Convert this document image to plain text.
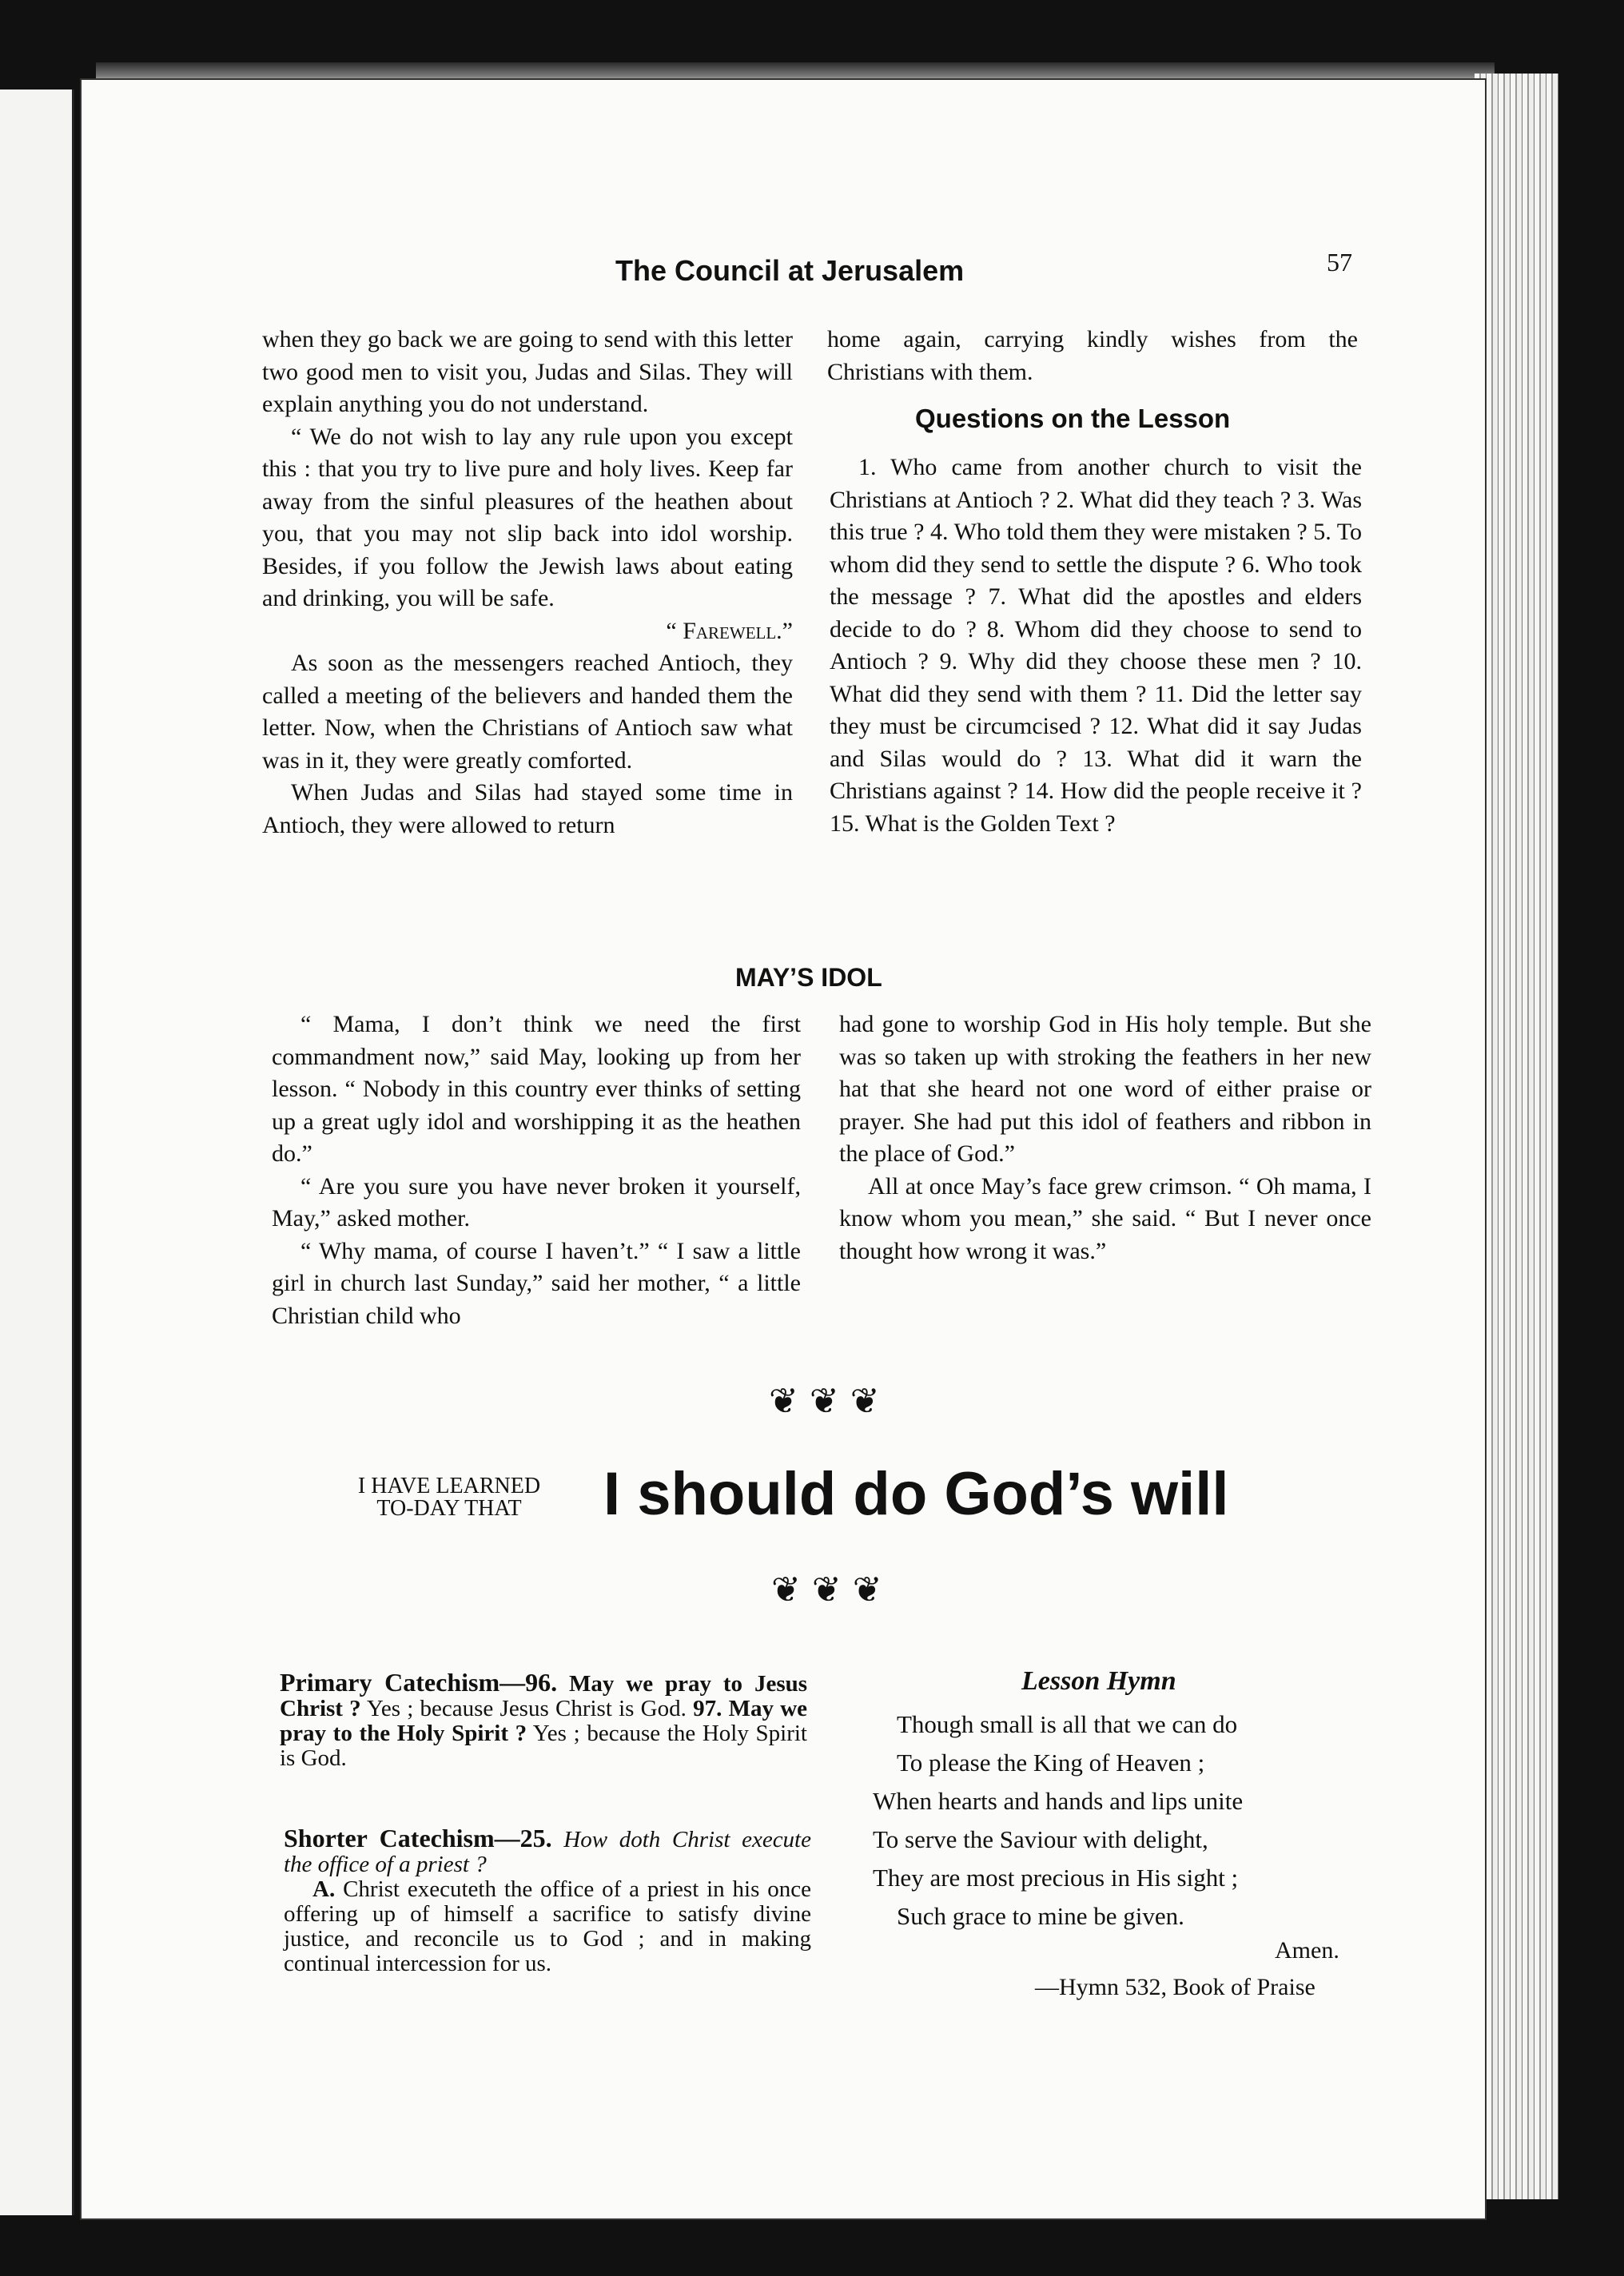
The Council at Jerusalem	57

when they go back we are going to send with this letter two good men to visit you, Judas and Silas. They will explain anything you do not understand.

“ We do not wish to lay any rule upon you except this : that you try to live pure and holy lives. Keep far away from the sinful pleasures of the heathen about you, that you may not slip back into idol worship. Besides, if you follow the Jewish laws about eating and drinking, you will be safe.

“ Farewell.”

As soon as the messengers reached Antioch, they called a meeting of the believers and handed them the letter. Now, when the Christians of Antioch saw what was in it, they were greatly comforted.

When Judas and Silas had stayed some time in Antioch, they were allowed to return

home again, carrying kindly wishes from the Christians with them.

Questions on the Lesson

1. Who came from another church to visit the Christians at Antioch ? 2. What did they teach ? 3. Was this true ? 4. Who told them they were mistaken ? 5. To whom did they send to settle the dispute ? 6. Who took the message ? 7. What did the apostles and elders decide to do ? 8. Whom did they choose to send to Antioch ? 9. Why did they choose these men ? 10. What did they send with them ? 11. Did the letter say they must be circumcised ? 12. What did it say Judas and Silas would do ? 13. What did it warn the Christians against ? 14. How did the people receive it ? 15. What is the Golden Text ?

MAY’S IDOL

“ Mama, I don’t think we need the first commandment now,” said May, looking up from her lesson. “ Nobody in this country ever thinks of setting up a great ugly idol and worshipping it as the heathen do.”

“ Are you sure you have never broken it yourself, May,” asked mother.

“ Why mama, of course I haven’t.” “ I saw a little girl in church last Sunday,” said her mother, “ a little Christian child who

had gone to worship God in His holy temple. But she was so taken up with stroking the feathers in her new hat that she heard not one word of either praise or prayer. She had put this idol of feathers and ribbon in the place of God.”

All at once May’s face grew crimson. “ Oh mama, I know whom you mean,” she said. “ But I never once thought how wrong it was.”

❦❦❦
I HAVE LEARNED
TO-DAY THAT	I should do God’s will
❦❦❦
Primary Catechism—96. May we pray to Jesus Christ ? Yes ; because Jesus Christ is God. 97. May we pray to the Holy Spirit ? Yes ; because the Holy Spirit is God.

Shorter Catechism—25. How doth Christ execute the office of a priest ?

A. Christ executeth the office of a priest in his once offering up of himself a sacrifice to satisfy divine justice, and reconcile us to God ; and in making continual intercession for us.

Lesson Hymn
Though small is all that we can do
To please the King of Heaven ;
When hearts and hands and lips unite
To serve the Saviour with delight,
They are most precious in His sight ;
Such grace to mine be given.
Amen.
—Hymn 532, Book of Praise
